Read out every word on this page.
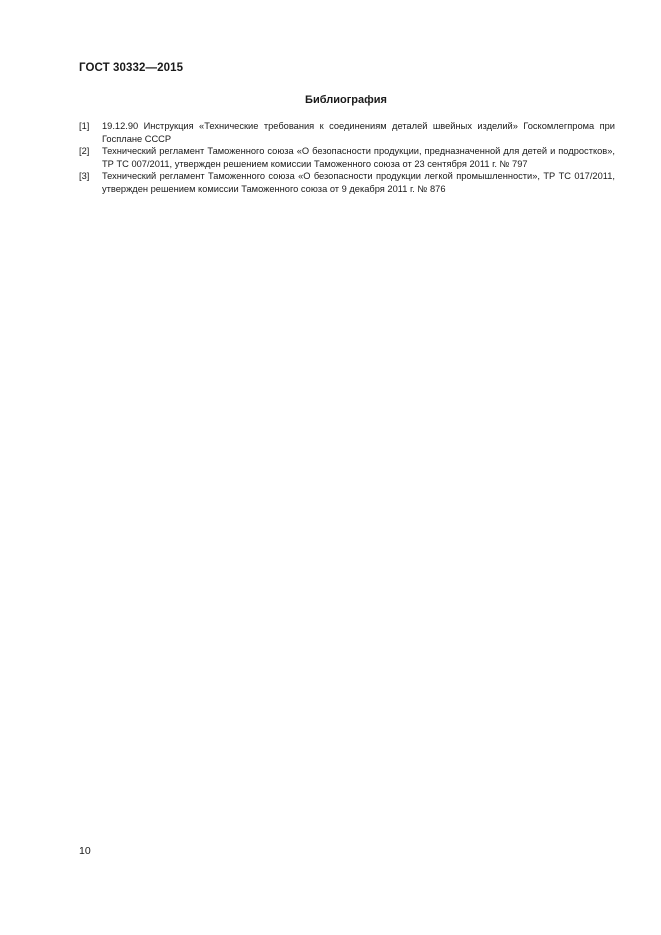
ГОСТ 30332—2015
Библиография
[1]	19.12.90 Инструкция «Технические требования к соединениям деталей швейных изделий» Госкомлегпрома при Госплане СССР
[2]	Технический регламент Таможенного союза «О безопасности продукции, предназначенной для детей и подростков», ТР ТС 007/2011, утвержден решением комиссии Таможенного союза от 23 сентября 2011 г. № 797
[3]	Технический регламент Таможенного союза «О безопасности продукции легкой промышленности», ТР ТС 017/2011, утвержден решением комиссии Таможенного союза от 9 декабря 2011 г. № 876
10
